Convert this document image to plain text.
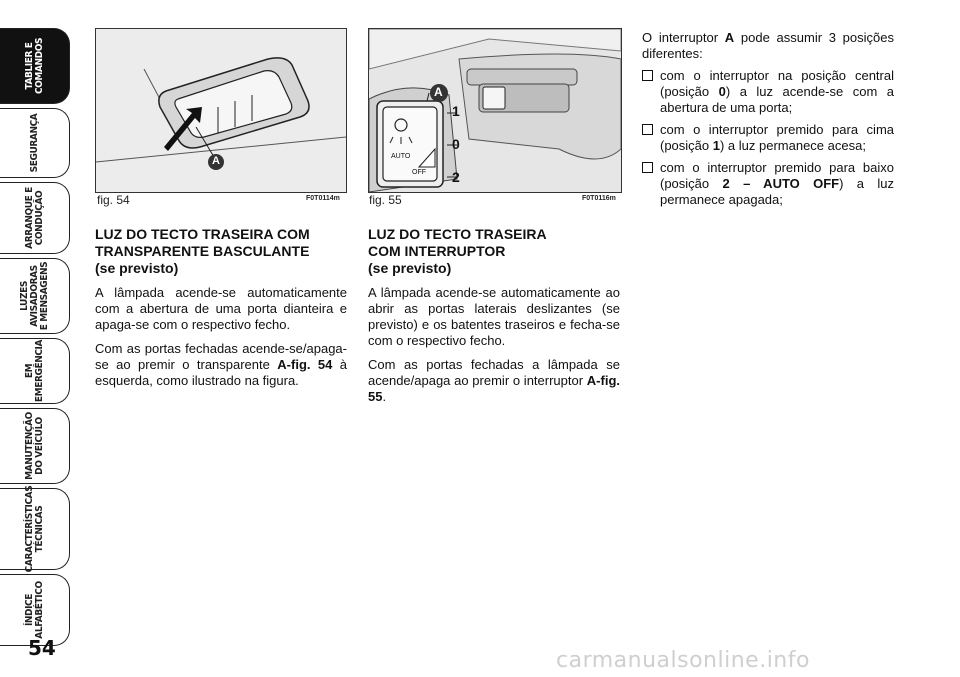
TABLIER E
COMANDOS
SEGURANÇA
ARRANQUE E
CONDUÇÃO
LUZES
AVISADORAS
E MENSAGENS
EM
EMERGÊNCIA
MANUTENÇÃO
DO VEÍCULO
CARACTERÍSTICAS
TÉCNICAS
ÍNDICE
ALFABÉTICO
54
A
fig. 54	F0T0114m
A
1
0
2
AUTO
OFF
fig. 55	F0T0116m
LUZ DO TECTO TRASEIRA COM
TRANSPARENTE BASCULANTE
(se previsto)

A lâmpada acende-se automaticamente com a abertura de uma porta dianteira e apaga-se com o respectivo fecho.

Com as portas fechadas acende-se/apaga-se ao premir o transparente A-fig. 54 à esquerda, como ilustrado na figura.

LUZ DO TECTO TRASEIRA
COM INTERRUPTOR
(se previsto)

A lâmpada acende-se automaticamente ao abrir as portas laterais deslizantes (se previsto) e os batentes traseiros e fecha-se com o respectivo fecho.

Com as portas fechadas a lâmpada se acende/apaga ao premir o interruptor A-fig. 55.

O interruptor A pode assumir 3 posições diferentes:

com o interruptor na posição central (posição 0) a luz acende-se com a abertura de uma porta;
com o interruptor premido para cima (posição 1) a luz permanece acesa;
com o interruptor premido para baixo (posição 2 – AUTO OFF) a luz permanece apagada;
carmanualsonline.info
